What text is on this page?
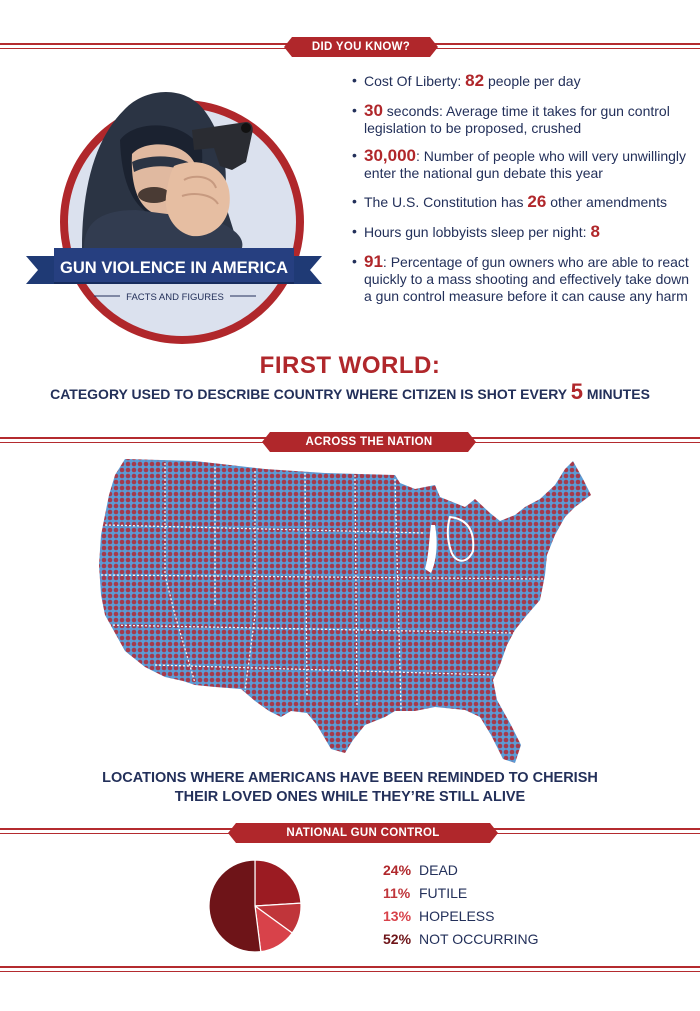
DID YOU KNOW?
GUN VIOLENCE IN AMERICA
FACTS AND FIGURES
• Cost Of Liberty: 82 people per day
• 30 seconds: Average time it takes for gun control legislation to be proposed, crushed
• 30,000: Number of people who will very unwillingly enter the national gun debate this year
• The U.S. Constitution has 26 other amendments
• Hours gun lobbyists sleep per night: 8
• 91: Percentage of gun owners who are able to react quickly to a mass shooting and effectively take down a gun control measure before it can cause any harm
FIRST WORLD:
CATEGORY USED TO DESCRIBE COUNTRY WHERE CITIZEN IS SHOT EVERY 5 MINUTES
ACROSS THE NATION
LOCATIONS WHERE AMERICANS HAVE BEEN REMINDED TO CHERISH
THEIR LOVED ONES WHILE THEY’RE STILL ALIVE
NATIONAL GUN CONTROL CONVERSATIONS
24% DEAD
11% FUTILE
13% HOPELESS
52% NOT OCCURRING
